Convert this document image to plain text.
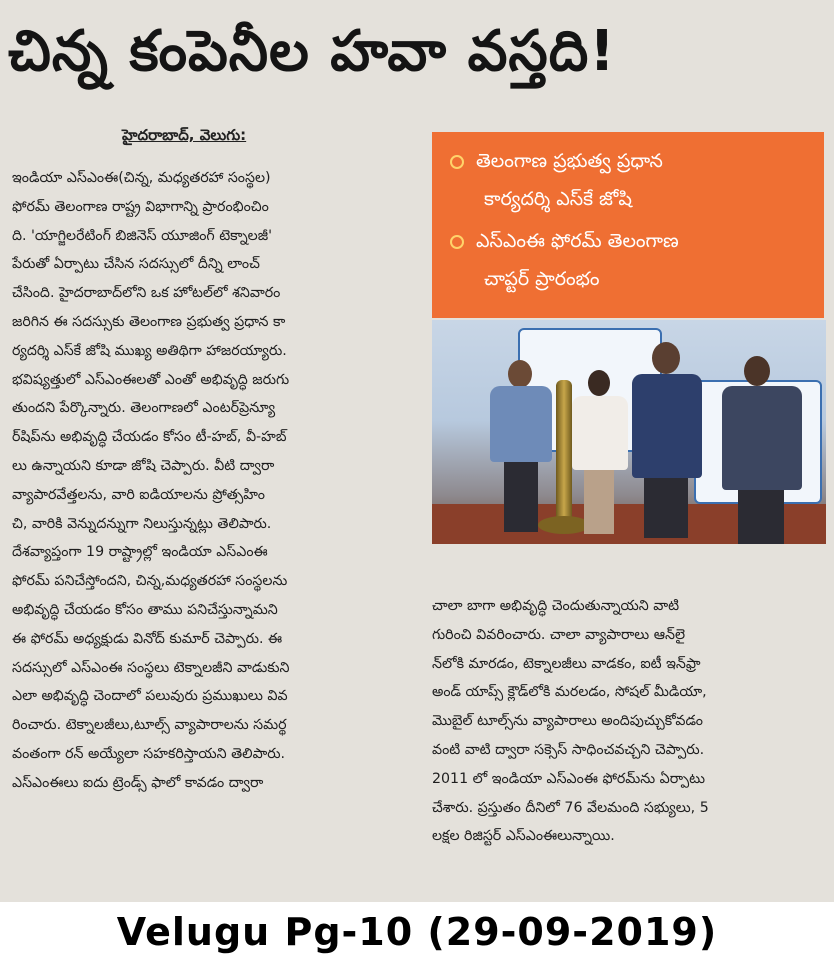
చిన్న కంపెనీల హవా వస్తది!
హైదరాబాద్, వెలుగు:
ఇండియా ఎస్ఎంఈ(చిన్న, మధ్యతరహా సంస్థల)
ఫోరమ్ తెలంగాణ రాష్ట్ర విభాగాన్ని ప్రారంభించిం
ది. 'యాగ్జిలరేటింగ్ బిజినెస్ యూజింగ్ టెక్నాలజీ'
పేరుతో ఏర్పాటు చేసిన సదస్సులో దీన్ని లాంచ్
చేసింది. హైదరాబాద్‌లోని ఒక హోటల్‌లో శనివారం
జరిగిన ఈ సదస్సుకు తెలంగాణ ప్రభుత్వ ప్రధాన కా
ర్యదర్శి ఎస్‌కే జోషి ముఖ్య అతిథిగా హాజరయ్యారు.
భవిష్యత్తులో ఎస్ఎంఈలతో ఎంతో అభివృద్ధి జరుగు
తుందని పేర్కొన్నారు. తెలంగాణలో ఎంటర్‌ప్రెన్యూ
ర్‌షిప్‌ను అభివృద్ధి చేయడం కోసం టీ-హబ్, వీ-హబ్
లు ఉన్నాయని కూడా జోషి చెప్పారు. వీటి ద్వారా
వ్యాపారవేత్తలను, వారి ఐడియాలను ప్రోత్సహిం
చి, వారికి వెన్నుదన్నుగా నిలుస్తున్నట్లు తెలిపారు.
దేశవ్యాప్తంగా 19 రాష్ట్రాల్లో ఇండియా ఎస్ఎంఈ
ఫోరమ్ పనిచేస్తోందని, చిన్న,మధ్యతరహా సంస్థలను
అభివృద్ధి చేయడం కోసం తాము పనిచేస్తున్నామని
ఈ ఫోరమ్ అధ్యక్షుడు వినోద్ కుమార్ చెప్పారు. ఈ
సదస్సులో ఎస్ఎంఈ సంస్థలు టెక్నాలజీని వాడుకుని
ఎలా అభివృద్ధి చెందాలో పలువురు ప్రముఖులు వివ
రించారు. టెక్నాలజీలు,టూల్స్ వ్యాపారాలను సమర్థ
వంతంగా రన్ అయ్యేలా సహకరిస్తాయని తెలిపారు.
ఎస్ఎంఈలు ఐదు ట్రెండ్స్ ఫాలో కావడం ద్వారా
తెలంగాణ ప్రభుత్వ ప్రధాన
కార్యదర్శి ఎస్‌కే జోషి
ఎస్ఎంఈ ఫోరమ్ తెలంగాణ
చాప్టర్ ప్రారంభం
చాలా బాగా అభివృద్ధి చెందుతున్నాయని వాటి
గురించి వివరించారు. చాలా వ్యాపారాలు ఆన్‌లై
న్‌లోకి మారడం, టెక్నాలజీలు వాడకం, ఐటీ ఇన్‌ఫ్రా
అండ్ యాప్స్ క్లౌడ్‌లోకి మరలడం, సోషల్ మీడియా,
మొబైల్ టూల్స్‌ను వ్యాపారాలు అందిపుచ్చుకోవడం
వంటి వాటి ద్వారా సక్సెస్ సాధించవచ్చని చెప్పారు.
2011 లో ఇండియా ఎస్ఎంఈ ఫోరమ్‌ను ఏర్పాటు
చేశారు. ప్రస్తుతం దీనిలో 76 వేలమంది సభ్యులు, 5
లక్షల రిజిస్టర్ ఎస్ఎంఈలున్నాయి.
Velugu Pg-10 (29-09-2019)
